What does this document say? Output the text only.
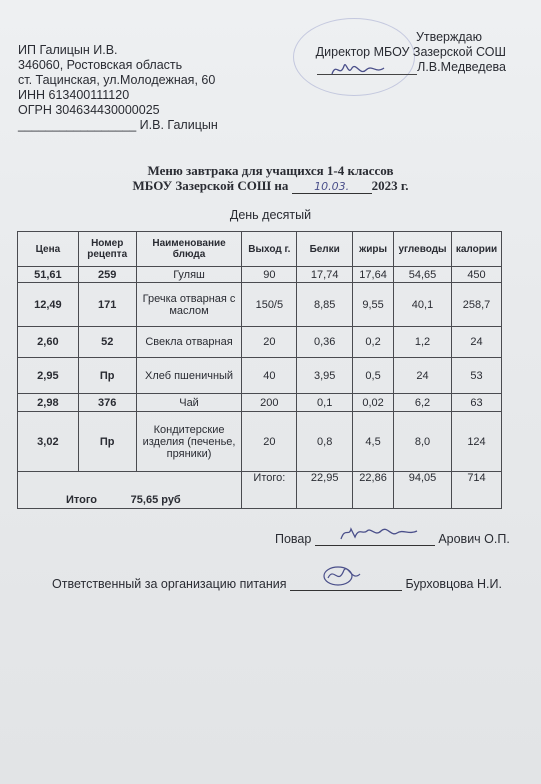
ИП Галицын И.В.
346060, Ростовская область
ст. Тацинская, ул.Молодежная, 60
ИНН 613400111120
ОГРН 304634430000025
_________________ И.В. Галицын
Утверждаю
Директор МБОУ Зазерской СОШ
Л.В.Медведева
Меню завтрака для учащихся 1-4 классов
МБОУ Зазерской СОШ на 10.03. 2023 г.
День десятый
Цена	Номер рецепта	Наименование блюда	Выход г.	Белки	жиры	углеводы	калории
51,61	259	Гуляш	90	17,74	17,64	54,65	450
12,49	171	Гречка отварная с маслом	150/5	8,85	9,55	40,1	258,7
2,60	52	Свекла отварная	20	0,36	0,2	1,2	24
2,95	Пр	Хлеб пшеничный	40	3,95	0,5	24	53
2,98	376	Чай	200	0,1	0,02	6,2	63
3,02	Пр	Кондитерские изделия (печенье, пряники)	20	0,8	4,5	8,0	124
Итого 75,65 руб			Итого:	22,95	22,86	94,05	714
Повар	Арович О.П.
Ответственный за организацию питания	Бурховцова Н.И.
